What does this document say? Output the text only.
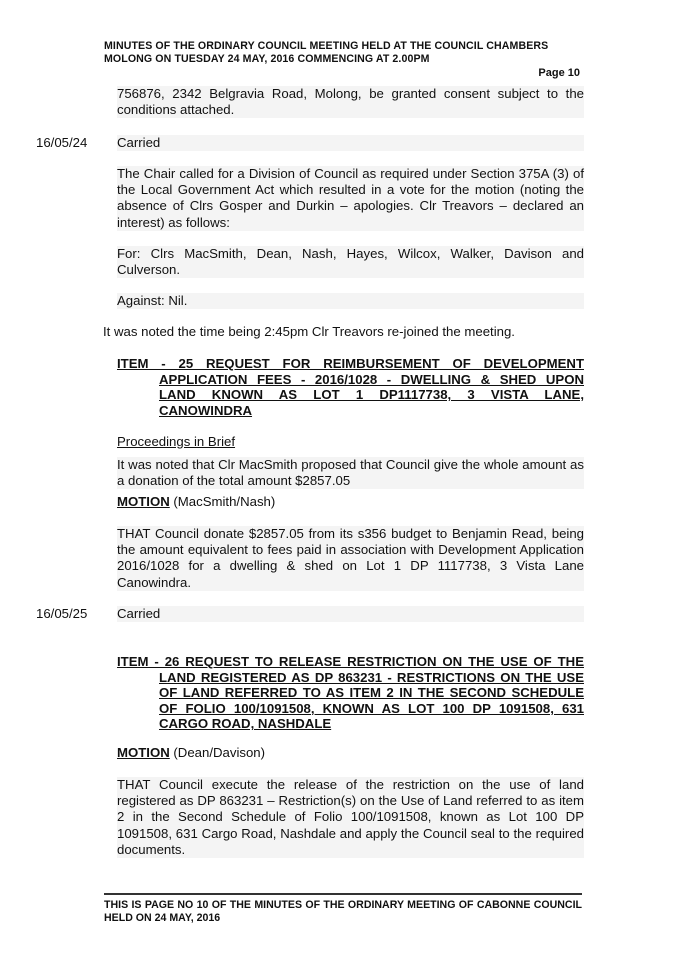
MINUTES OF THE ORDINARY COUNCIL MEETING HELD AT THE COUNCIL CHAMBERS
MOLONG ON TUESDAY 24 MAY, 2016 COMMENCING AT 2.00PM
Page 10
756876, 2342 Belgravia Road, Molong, be granted consent subject to the conditions attached.
16/05/24 Carried
The Chair called for a Division of Council as required under Section 375A (3) of the Local Government Act which resulted in a vote for the motion (noting the absence of Clrs Gosper and Durkin – apologies. Clr Treavors – declared an interest) as follows:
For: Clrs MacSmith, Dean, Nash, Hayes, Wilcox, Walker, Davison and Culverson.
Against: Nil.
It was noted the time being 2:45pm Clr Treavors re-joined the meeting.
ITEM - 25 REQUEST FOR REIMBURSEMENT OF DEVELOPMENT
APPLICATION FEES - 2016/1028 - DWELLING & SHED UPON
LAND KNOWN AS LOT 1 DP1117738, 3 VISTA LANE,
CANOWINDRA
Proceedings in Brief
It was noted that Clr MacSmith proposed that Council give the whole amount as a donation of the total amount $2857.05
MOTION (MacSmith/Nash)
THAT Council donate $2857.05 from its s356 budget to Benjamin Read, being the amount equivalent to fees paid in association with Development Application 2016/1028 for a dwelling & shed on Lot 1 DP 1117738, 3 Vista Lane Canowindra.
16/05/25 Carried
ITEM - 26 REQUEST TO RELEASE RESTRICTION ON THE USE OF THE
LAND REGISTERED AS DP 863231 - RESTRICTIONS ON THE USE
OF LAND REFERRED TO AS ITEM 2 IN THE SECOND SCHEDULE
OF FOLIO 100/1091508, KNOWN AS LOT 100 DP 1091508, 631
CARGO ROAD, NASHDALE
MOTION (Dean/Davison)
THAT Council execute the release of the restriction on the use of land registered as DP 863231 – Restriction(s) on the Use of Land referred to as item 2 in the Second Schedule of Folio 100/1091508, known as Lot 100 DP 1091508, 631 Cargo Road, Nashdale and apply the Council seal to the required documents.
THIS IS PAGE NO 10 OF THE MINUTES OF THE ORDINARY MEETING OF CABONNE COUNCIL HELD ON 24 MAY, 2016
